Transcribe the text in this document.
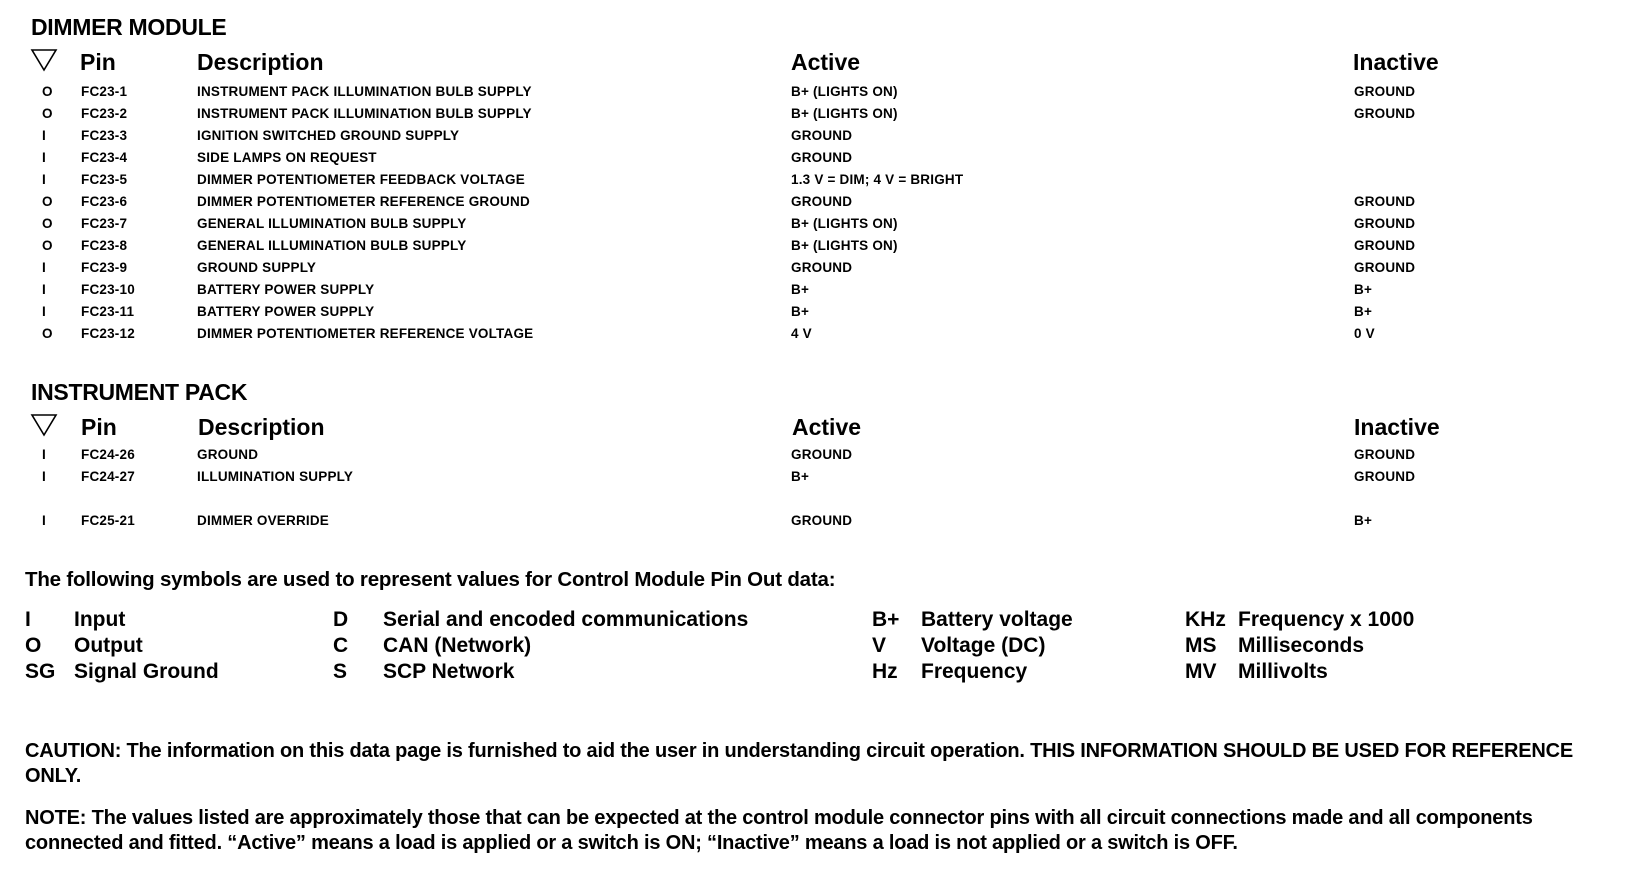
DIMMER MODULE
Pin	Description	Active	Inactive
O FC23-1	INSTRUMENT PACK ILLUMINATION BULB SUPPLY	B+ (LIGHTS ON)	GROUND
O FC23-2	INSTRUMENT PACK ILLUMINATION BULB SUPPLY	B+ (LIGHTS ON)	GROUND
I	FC23-3	IGNITION SWITCHED GROUND SUPPLY	GROUND
I	FC23-4	SIDE LAMPS ON REQUEST	GROUND
I	FC23-5	DIMMER POTENTIOMETER FEEDBACK VOLTAGE	1.3 V = DIM; 4 V = BRIGHT
O FC23-6	DIMMER POTENTIOMETER REFERENCE GROUND	GROUND	GROUND
O FC23-7	GENERAL ILLUMINATION BULB SUPPLY	B+ (LIGHTS ON)	GROUND
O FC23-8	GENERAL ILLUMINATION BULB SUPPLY	B+ (LIGHTS ON)	GROUND
I	FC23-9	GROUND SUPPLY	GROUND	GROUND
I	FC23-10	BATTERY POWER SUPPLY	B+	B+
I	FC23-11	BATTERY POWER SUPPLY	B+	B+
O FC23-12	DIMMER POTENTIOMETER REFERENCE VOLTAGE	4 V	0 V
INSTRUMENT PACK
Pin	Description	Active	Inactive
I	FC24-26	GROUND	GROUND	GROUND
I	FC24-27	ILLUMINATION SUPPLY	B+	GROUND
I	FC25-21	DIMMER OVERRIDE	GROUND	B+
The following symbols are used to represent values for Control Module Pin Out data:
I Input
O Output
SG Signal Ground
D Serial and encoded communications
C CAN (Network)
S SCP Network
B+ Battery voltage
V Voltage (DC)
Hz Frequency
KHz Frequency x 1000
MS Milliseconds
MV Millivolts
CAUTION: The information on this data page is furnished to aid the user in understanding circuit operation. THIS INFORMATION SHOULD BE USED FOR REFERENCE ONLY.
NOTE: The values listed are approximately those that can be expected at the control module connector pins with all circuit connections made and all components connected and fitted. “Active” means a load is applied or a switch is ON; “Inactive” means a load is not applied or a switch is OFF.
